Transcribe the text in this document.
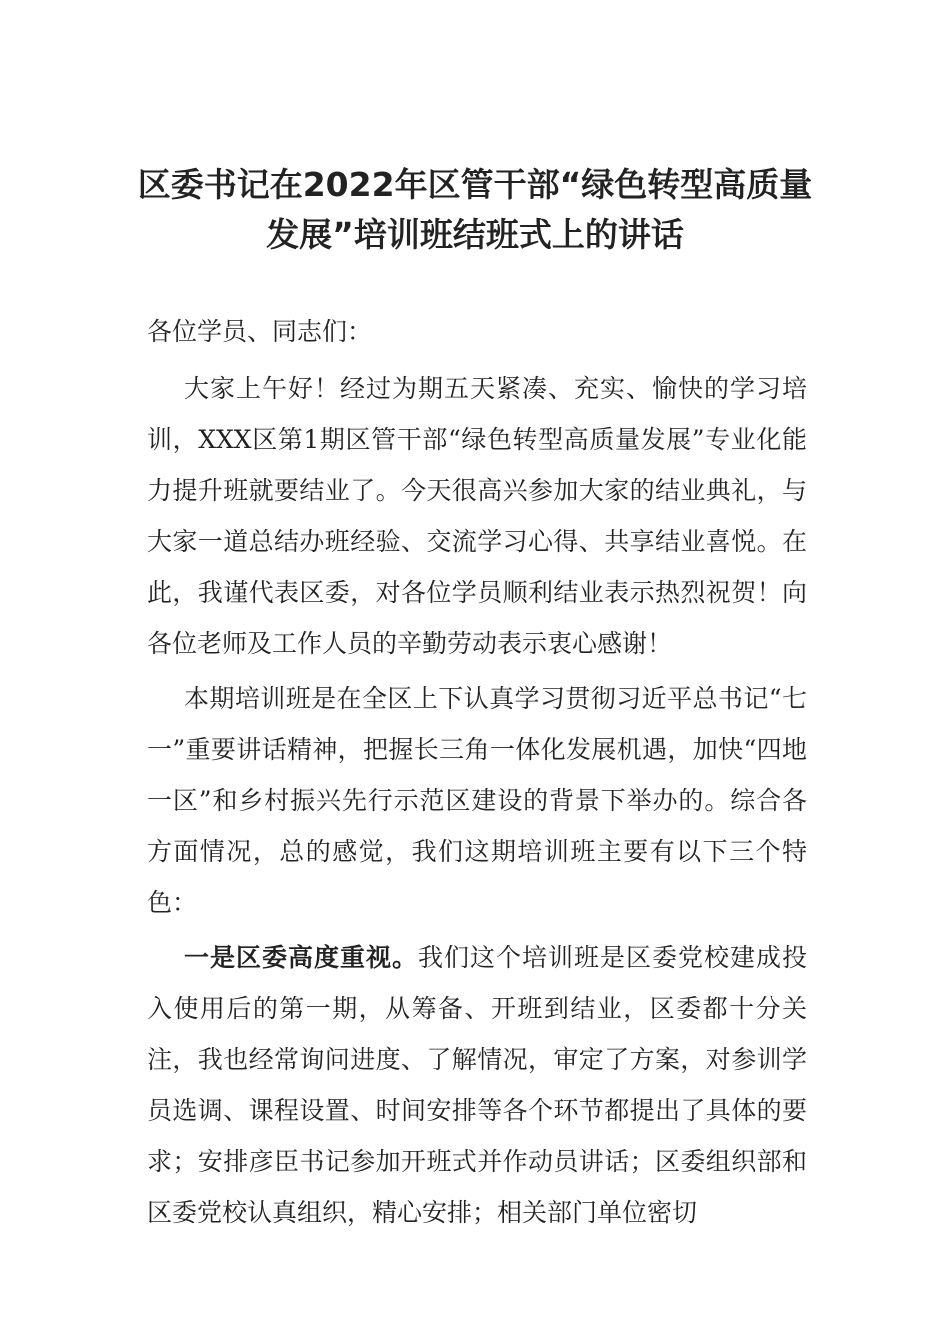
区委书记在2022年区管干部“绿色转型高质量
发展”培训班结班式上的讲话

各位学员、同志们：

大家上午好！经过为期五天紧凑、充实、愉快的学习培训，XXX区第1期区管干部“绿色转型高质量发展”专业化能力提升班就要结业了。今天很高兴参加大家的结业典礼，与大家一道总结办班经验、交流学习心得、共享结业喜悦。在此，我谨代表区委，对各位学员顺利结业表示热烈祝贺！向各位老师及工作人员的辛勤劳动表示衷心感谢！

本期培训班是在全区上下认真学习贯彻习近平总书记“七一”重要讲话精神，把握长三角一体化发展机遇，加快“四地一区”和乡村振兴先行示范区建设的背景下举办的。综合各方面情况，总的感觉，我们这期培训班主要有以下三个特色：

一是区委高度重视。我们这个培训班是区委党校建成投入使用后的第一期，从筹备、开班到结业，区委都十分关注，我也经常询问进度、了解情况，审定了方案，对参训学员选调、课程设置、时间安排等各个环节都提出了具体的要求；安排彦臣书记参加开班式并作动员讲话；区委组织部和区委党校认真组织，精心安排；相关部门单位密切
